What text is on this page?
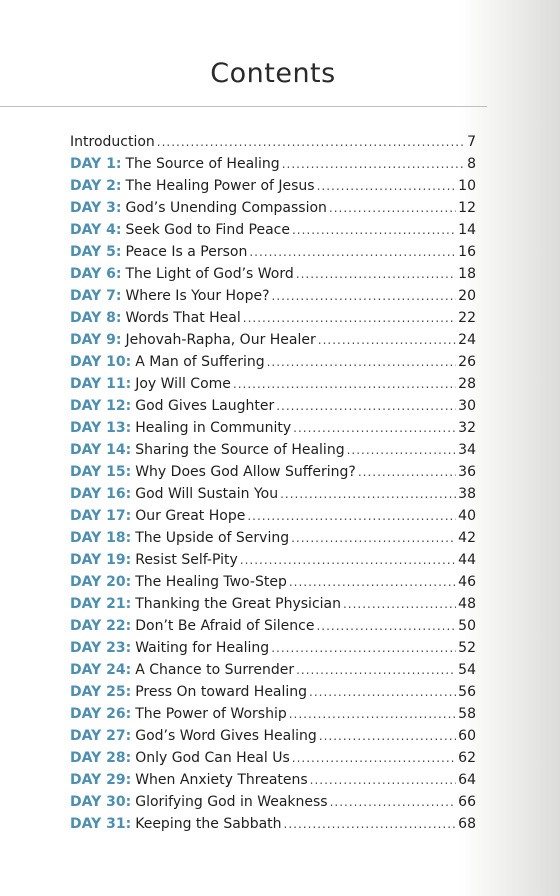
Contents
Introduction .....	7
DAY 1: The Source of Healing .....	8
DAY 2: The Healing Power of Jesus .....	10
DAY 3: God’s Unending Compassion .....	12
DAY 4: Seek God to Find Peace .....	14
DAY 5: Peace Is a Person .....	16
DAY 6: The Light of God’s Word .....	18
DAY 7: Where Is Your Hope? .....	20
DAY 8: Words That Heal .....	22
DAY 9: Jehovah-Rapha, Our Healer .....	24
DAY 10: A Man of Suffering .....	26
DAY 11: Joy Will Come .....	28
DAY 12: God Gives Laughter .....	30
DAY 13: Healing in Community .....	32
DAY 14: Sharing the Source of Healing .....	34
DAY 15: Why Does God Allow Suffering? .....	36
DAY 16: God Will Sustain You .....	38
DAY 17: Our Great Hope .....	40
DAY 18: The Upside of Serving .....	42
DAY 19: Resist Self-Pity .....	44
DAY 20: The Healing Two-Step .....	46
DAY 21: Thanking the Great Physician .....	48
DAY 22: Don’t Be Afraid of Silence .....	50
DAY 23: Waiting for Healing .....	52
DAY 24: A Chance to Surrender .....	54
DAY 25: Press On toward Healing .....	56
DAY 26: The Power of Worship .....	58
DAY 27: God’s Word Gives Healing .....	60
DAY 28: Only God Can Heal Us .....	62
DAY 29: When Anxiety Threatens .....	64
DAY 30: Glorifying God in Weakness .....	66
DAY 31: Keeping the Sabbath .....	68
